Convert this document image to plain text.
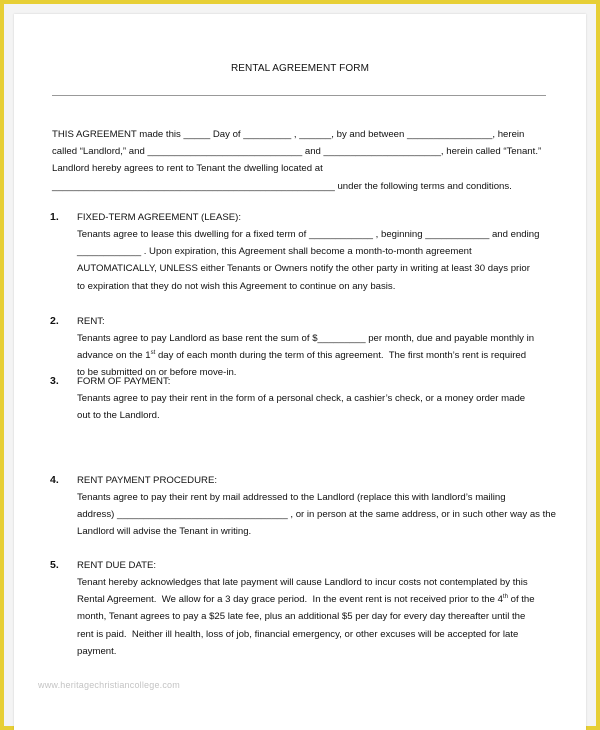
RENTAL AGREEMENT FORM

THIS AGREEMENT made this _____ Day of _________ , ______, by and between ________________, herein

called “Landlord,” and _____________________________ and ______________________, herein called “Tenant.”

Landlord hereby agrees to rent to Tenant the dwelling located at

_____________________________________________________ under the following terms and conditions.

1. FIXED-TERM AGREEMENT (LEASE):

Tenants agree to lease this dwelling for a fixed term of ____________ , beginning ____________ and ending

____________ . Upon expiration, this Agreement shall become a month-to-month agreement

AUTOMATICALLY, UNLESS either Tenants or Owners notify the other party in writing at least 30 days prior

to expiration that they do not wish this Agreement to continue on any basis.

2. RENT:

Tenants agree to pay Landlord as base rent the sum of $_________ per month, due and payable monthly in

advance on the 1st day of each month during the term of this agreement.  The first month’s rent is required

to be submitted on or before move-in.

3. FORM OF PAYMENT:

Tenants agree to pay their rent in the form of a personal check, a cashier’s check, or a money order made

out to the Landlord.

4. RENT PAYMENT PROCEDURE:

Tenants agree to pay their rent by mail addressed to the Landlord (replace this with landlord’s mailing

address) ________________________________ , or in person at the same address, or in such other way as the

Landlord will advise the Tenant in writing.

5. RENT DUE DATE:

Tenant hereby acknowledges that late payment will cause Landlord to incur costs not contemplated by this

Rental Agreement.  We allow for a 3 day grace period.  In the event rent is not received prior to the 4th of the

month, Tenant agrees to pay a $25 late fee, plus an additional $5 per day for every day thereafter until the

rent is paid.  Neither ill health, loss of job, financial emergency, or other excuses will be accepted for late

payment.

www.heritagechristiancollege.com
